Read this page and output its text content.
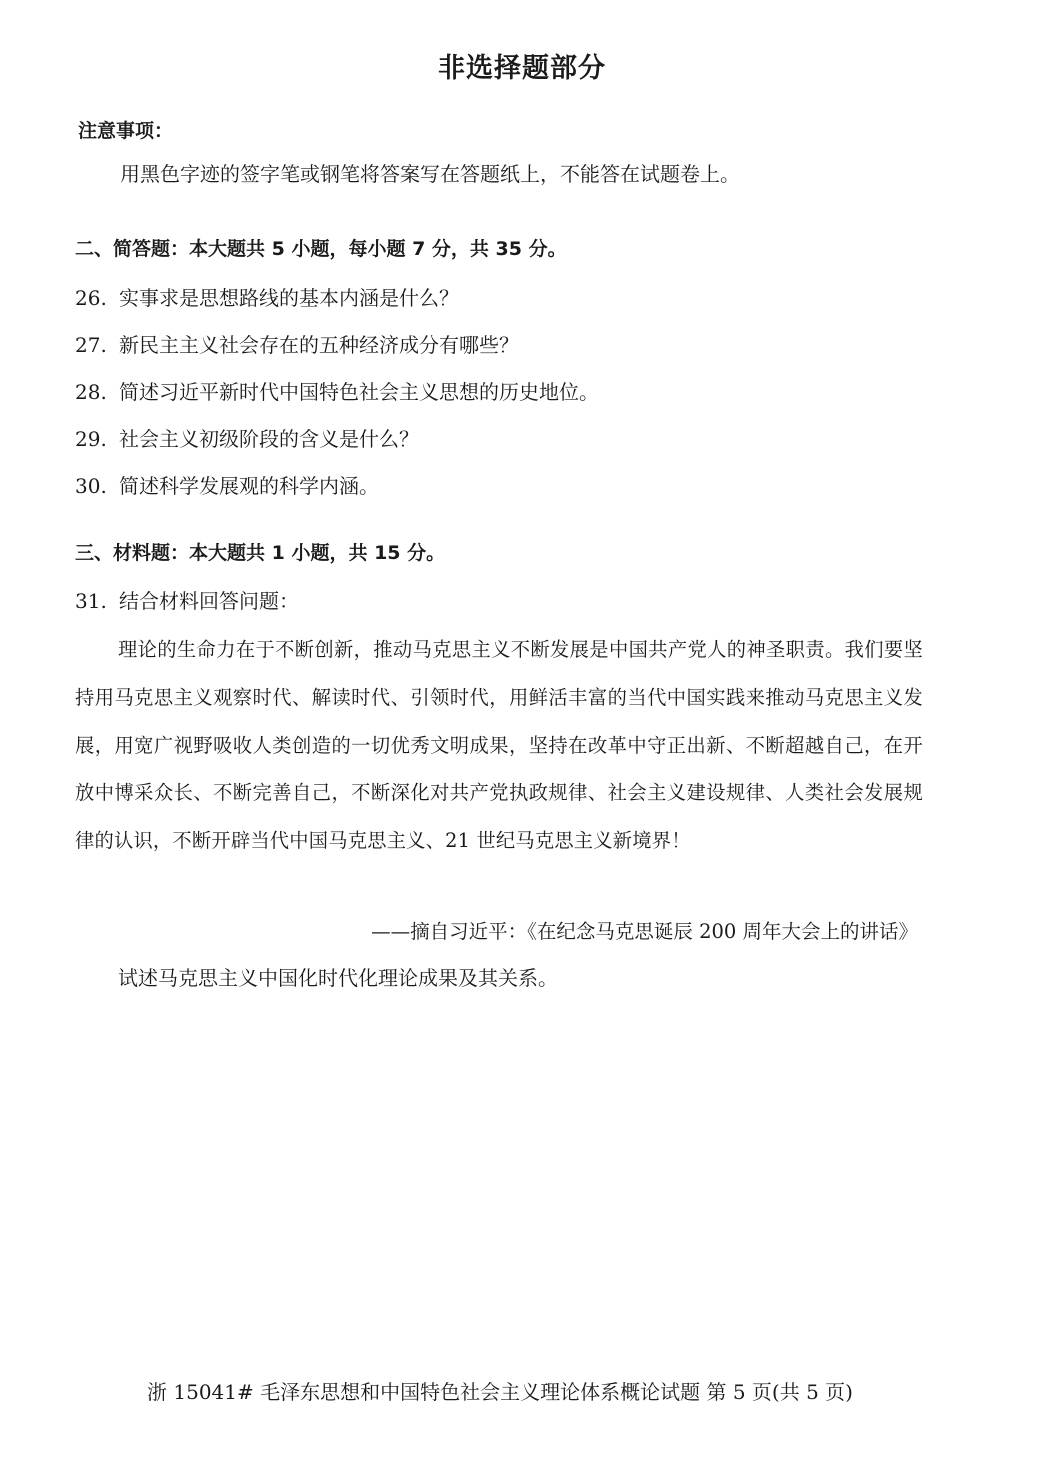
非选择题部分
注意事项：
用黑色字迹的签字笔或钢笔将答案写在答题纸上，不能答在试题卷上。
二、简答题：本大题共 5 小题，每小题 7 分，共 35 分。
26. 实事求是思想路线的基本内涵是什么？
27. 新民主主义社会存在的五种经济成分有哪些？
28. 简述习近平新时代中国特色社会主义思想的历史地位。
29. 社会主义初级阶段的含义是什么？
30. 简述科学发展观的科学内涵。
三、材料题：本大题共 1 小题，共 15 分。
31. 结合材料回答问题：

理论的生命力在于不断创新，推动马克思主义不断发展是中国共产党人的神圣职责。我们要坚持用马克思主义观察时代、解读时代、引领时代，用鲜活丰富的当代中国实践来推动马克思主义发展，用宽广视野吸收人类创造的一切优秀文明成果，坚持在改革中守正出新、不断超越自己，在开放中博采众长、不断完善自己，不断深化对共产党执政规律、社会主义建设规律、人类社会发展规律的认识，不断开辟当代中国马克思主义、21 世纪马克思主义新境界！

——摘自习近平：《在纪念马克思诞辰 200 周年大会上的讲话》
试述马克思主义中国化时代化理论成果及其关系。
浙 15041# 毛泽东思想和中国特色社会主义理论体系概论试题 第 5 页(共 5 页)
